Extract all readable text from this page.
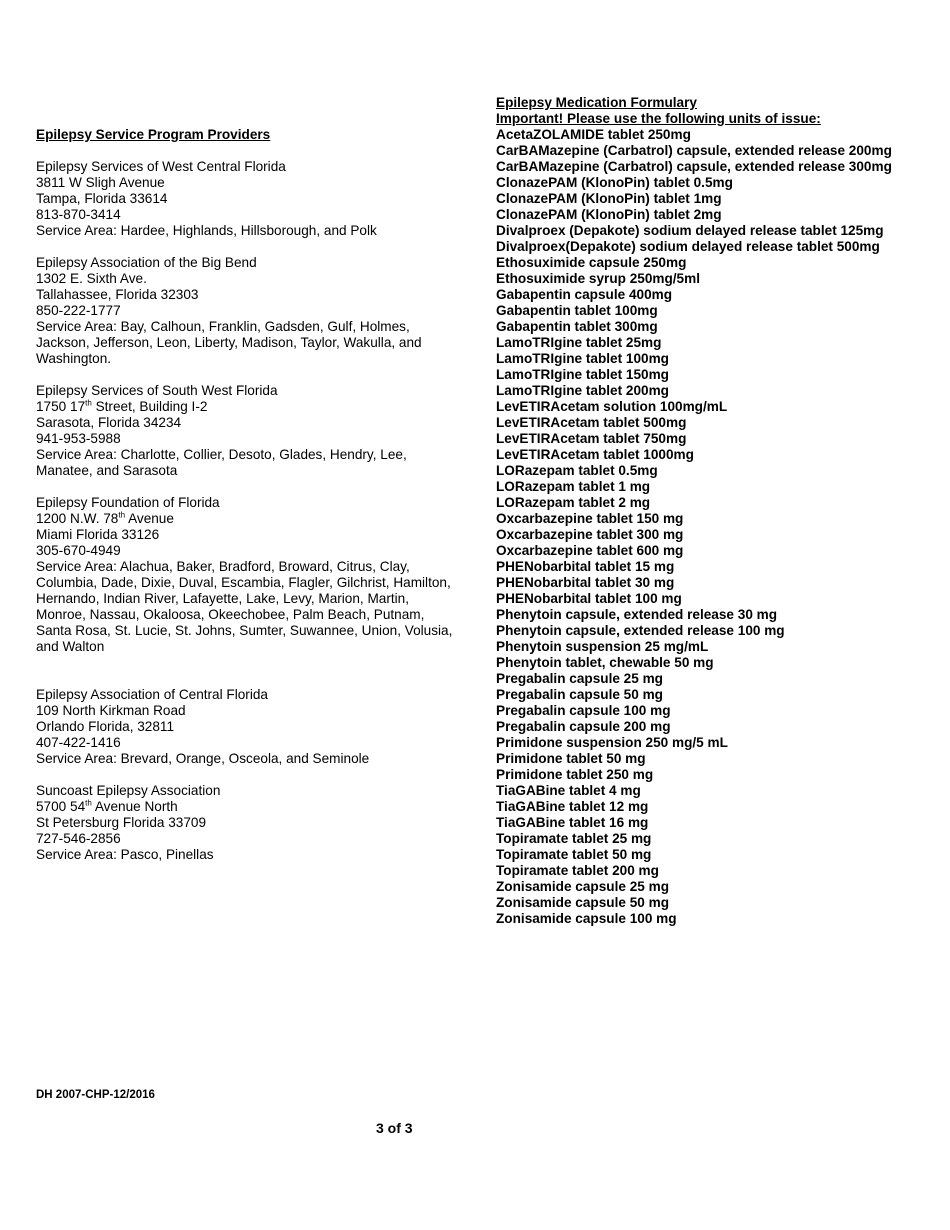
Epilepsy Service Program Providers
Epilepsy Services of West Central Florida
3811 W Sligh Avenue
Tampa, Florida 33614
813-870-3414
Service Area: Hardee, Highlands, Hillsborough, and Polk
Epilepsy Association of the Big Bend
1302 E. Sixth Ave.
Tallahassee, Florida 32303
850-222-1777
Service Area: Bay, Calhoun, Franklin, Gadsden, Gulf, Holmes, Jackson, Jefferson, Leon, Liberty, Madison, Taylor, Wakulla, and Washington.
Epilepsy Services of South West Florida
1750 17th Street, Building I-2
Sarasota, Florida 34234
941-953-5988
Service Area: Charlotte, Collier, Desoto, Glades, Hendry, Lee, Manatee, and Sarasota
Epilepsy Foundation of Florida
1200 N.W. 78th Avenue
Miami Florida 33126
305-670-4949
Service Area: Alachua, Baker, Bradford, Broward, Citrus, Clay, Columbia, Dade, Dixie, Duval, Escambia, Flagler, Gilchrist, Hamilton, Hernando, Indian River, Lafayette, Lake, Levy, Marion, Martin, Monroe, Nassau, Okaloosa, Okeechobee, Palm Beach, Putnam, Santa Rosa, St. Lucie, St. Johns, Sumter, Suwannee, Union, Volusia, and Walton
Epilepsy Association of Central Florida
109 North Kirkman Road
Orlando Florida, 32811
407-422-1416
Service Area: Brevard, Orange, Osceola, and Seminole
Suncoast Epilepsy Association
5700 54th Avenue North
St Petersburg Florida 33709
727-546-2856
Service Area: Pasco, Pinellas
Epilepsy Medication Formulary
Important! Please use the following units of issue:
AcetaZOLAMIDE tablet 250mg
CarBAMazepine (Carbatrol) capsule, extended release 200mg
CarBAMazepine (Carbatrol) capsule, extended release 300mg
ClonazePAM (KlonoPin) tablet 0.5mg
ClonazePAM (KlonoPin) tablet 1mg
ClonazePAM (KlonoPin) tablet 2mg
Divalproex (Depakote) sodium delayed release tablet 125mg
Divalproex(Depakote) sodium delayed release tablet 500mg
Ethosuximide capsule 250mg
Ethosuximide syrup 250mg/5ml
Gabapentin capsule 400mg
Gabapentin tablet 100mg
Gabapentin tablet 300mg
LamoTRIgine tablet 25mg
LamoTRIgine tablet 100mg
LamoTRIgine tablet 150mg
LamoTRIgine tablet 200mg
LevETIRAcetam solution 100mg/mL
LevETIRAcetam tablet 500mg
LevETIRAcetam tablet 750mg
LevETIRAcetam tablet 1000mg
LORazepam tablet 0.5mg
LORazepam tablet 1 mg
LORazepam tablet 2 mg
Oxcarbazepine tablet 150 mg
Oxcarbazepine tablet 300 mg
Oxcarbazepine tablet 600 mg
PHENobarbital tablet 15 mg
PHENobarbital tablet 30 mg
PHENobarbital tablet 100 mg
Phenytoin capsule, extended release 30 mg
Phenytoin capsule, extended release 100 mg
Phenytoin suspension 25 mg/mL
Phenytoin tablet, chewable 50 mg
Pregabalin capsule 25 mg
Pregabalin capsule 50 mg
Pregabalin capsule 100 mg
Pregabalin capsule 200 mg
Primidone suspension 250 mg/5 mL
Primidone tablet 50 mg
Primidone tablet 250 mg
TiaGABine tablet 4 mg
TiaGABine tablet 12 mg
TiaGABine tablet 16 mg
Topiramate tablet 25 mg
Topiramate tablet 50 mg
Topiramate tablet 200 mg
Zonisamide capsule 25 mg
Zonisamide capsule 50 mg
Zonisamide capsule 100 mg
DH 2007-CHP-12/2016
3 of 3
